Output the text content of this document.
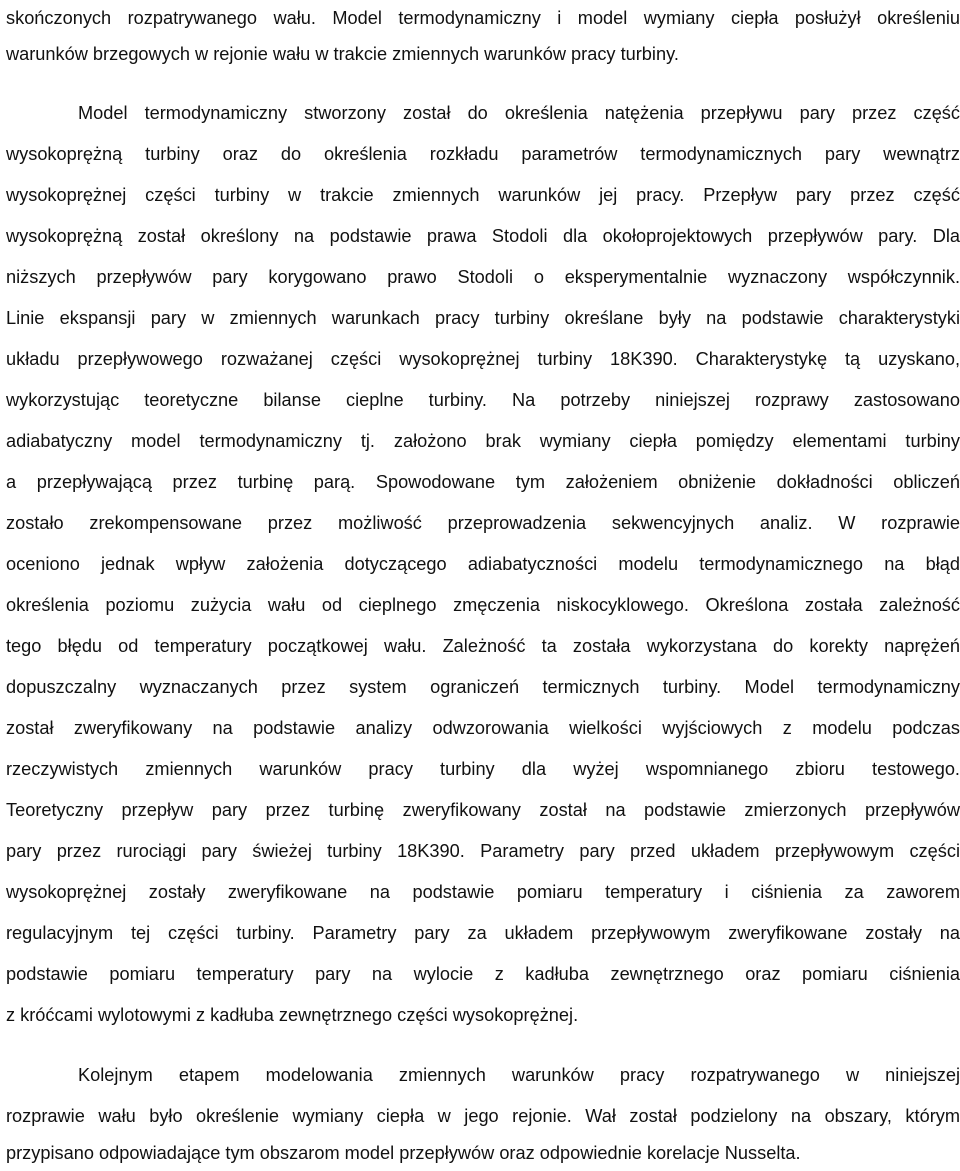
skończonych rozpatrywanego wału. Model termodynamiczny i model wymiany ciepła posłużył określeniu
warunków brzegowych w rejonie wału w trakcie zmiennych warunków pracy turbiny.
Model termodynamiczny stworzony został do określenia natężenia przepływu pary przez część
wysokoprężną turbiny oraz do określenia rozkładu parametrów termodynamicznych pary wewnątrz
wysokoprężnej części turbiny w trakcie zmiennych warunków jej pracy. Przepływ pary przez część
wysokoprężną został określony na podstawie prawa Stodoli dla okołoprojektowych przepływów pary. Dla
niższych przepływów pary korygowano prawo Stodoli o eksperymentalnie wyznaczony współczynnik.
Linie ekspansji pary w zmiennych warunkach pracy turbiny określane były na podstawie charakterystyki
układu przepływowego rozważanej części wysokoprężnej turbiny 18K390. Charakterystykę tą uzyskano,
wykorzystując teoretyczne bilanse cieplne turbiny. Na potrzeby niniejszej rozprawy zastosowano
adiabatyczny model termodynamiczny tj. założono brak wymiany ciepła pomiędzy elementami turbiny
a przepływającą przez turbinę parą. Spowodowane tym założeniem obniżenie dokładności obliczeń
zostało zrekompensowane przez możliwość przeprowadzenia sekwencyjnych analiz. W rozprawie
oceniono jednak wpływ założenia dotyczącego adiabatyczności modelu termodynamicznego na błąd
określenia poziomu zużycia wału od cieplnego zmęczenia niskocyklowego. Określona została zależność
tego błędu od temperatury początkowej wału. Zależność ta została wykorzystana do korekty naprężeń
dopuszczalny wyznaczanych przez system ograniczeń termicznych turbiny. Model termodynamiczny
został zweryfikowany na podstawie analizy odwzorowania wielkości wyjściowych z modelu podczas
rzeczywistych zmiennych warunków pracy turbiny dla wyżej wspomnianego zbioru testowego.
Teoretyczny przepływ pary przez turbinę zweryfikowany został na podstawie zmierzonych przepływów
pary przez rurociągi pary świeżej turbiny 18K390. Parametry pary przed układem przepływowym części
wysokoprężnej zostały zweryfikowane na podstawie pomiaru temperatury i ciśnienia za zaworem
regulacyjnym tej części turbiny. Parametry pary za układem przepływowym zweryfikowane zostały na
podstawie pomiaru temperatury pary na wylocie z kadłuba zewnętrznego oraz pomiaru ciśnienia
z króćcami wylotowymi z kadłuba zewnętrznego części wysokoprężnej.
Kolejnym etapem modelowania zmiennych warunków pracy rozpatrywanego w niniejszej
rozprawie wału było określenie wymiany ciepła w jego rejonie. Wał został podzielony na obszary, którym
przypisano odpowiadające tym obszarom model przepływów oraz odpowiednie korelacje Nusselta.
